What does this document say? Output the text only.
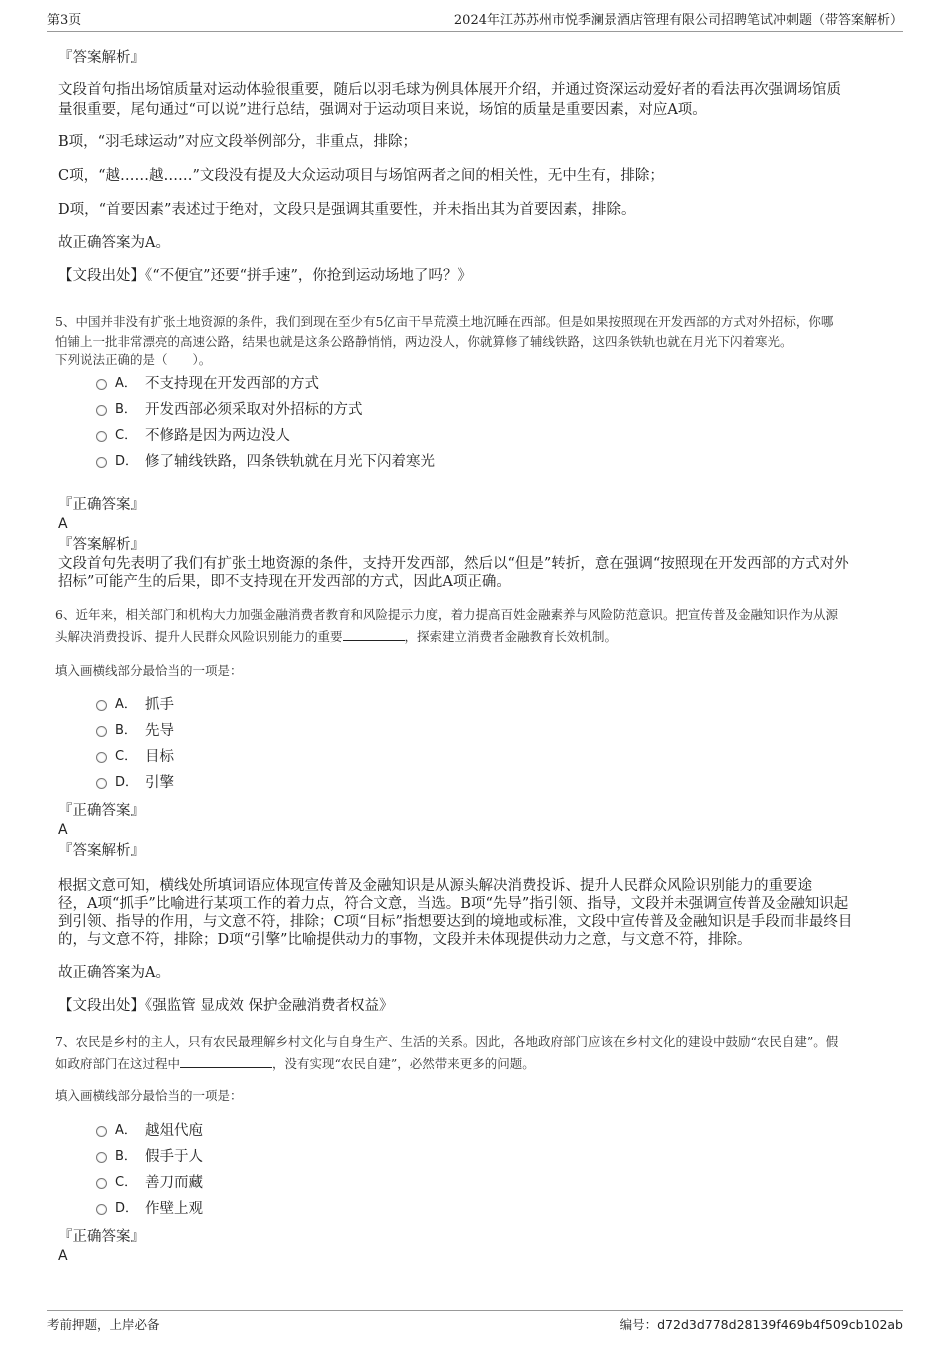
第3页	2024年江苏苏州市悦季澜景酒店管理有限公司招聘笔试冲刺题（带答案解析）
『答案解析』
文段首句指出场馆质量对运动体验很重要，随后以羽毛球为例具体展开介绍，并通过资深运动爱好者的看法再次强调场馆质
量很重要，尾句通过“可以说”进行总结，强调对于运动项目来说，场馆的质量是重要因素，对应A项。
B项，“羽毛球运动”对应文段举例部分，非重点，排除；
C项，“越……越……”文段没有提及大众运动项目与场馆两者之间的相关性，无中生有，排除；
D项，“首要因素”表述过于绝对，文段只是强调其重要性，并未指出其为首要因素，排除。
故正确答案为A。
【文段出处】《“不便宜”还要“拼手速”，你抢到运动场地了吗？》
5、中国并非没有扩张土地资源的条件，我们到现在至少有5亿亩干旱荒漠土地沉睡在西部。但是如果按照现在开发西部的方式对外招标，你哪
怕铺上一批非常漂亮的高速公路，结果也就是这条公路静悄悄，两边没人，你就算修了辅线铁路，这四条铁轨也就在月光下闪着寒光。
下列说法正确的是（　　）。
A． 不支持现在开发西部的方式
B． 开发西部必须采取对外招标的方式
C． 不修路是因为两边没人
D． 修了辅线铁路，四条铁轨就在月光下闪着寒光
『正确答案』
A
『答案解析』
文段首句先表明了我们有扩张土地资源的条件，支持开发西部，然后以“但是”转折，意在强调“按照现在开发西部的方式对外
招标”可能产生的后果，即不支持现在开发西部的方式，因此A项正确。
6、近年来，相关部门和机构大力加强金融消费者教育和风险提示力度，着力提高百姓金融素养与风险防范意识。把宣传普及金融知识作为从源
头解决消费投诉、提升人民群众风险识别能力的重要	，探索建立消费者金融教育长效机制。
填入画横线部分最恰当的一项是：
A． 抓手
B． 先导
C． 目标
D． 引擎
『正确答案』
A
『答案解析』
根据文意可知，横线处所填词语应体现宣传普及金融知识是从源头解决消费投诉、提升人民群众风险识别能力的重要途
径，A项“抓手”比喻进行某项工作的着力点，符合文意，当选。B项“先导”指引领、指导，文段并未强调宣传普及金融知识起
到引领、指导的作用，与文意不符，排除；C项“目标”指想要达到的境地或标准，文段中宣传普及金融知识是手段而非最终目
的，与文意不符，排除；D项“引擎”比喻提供动力的事物，文段并未体现提供动力之意，与文意不符，排除。
故正确答案为A。
【文段出处】《强监管 显成效 保护金融消费者权益》
7、农民是乡村的主人，只有农民最理解乡村文化与自身生产、生活的关系。因此，各地政府部门应该在乡村文化的建设中鼓励“农民自建”。假
如政府部门在这过程中	，没有实现“农民自建”，必然带来更多的问题。
填入画横线部分最恰当的一项是：
A． 越俎代庖
B． 假手于人
C． 善刀而藏
D． 作壁上观
『正确答案』
A
考前押题，上岸必备	编号：d72d3d778d28139f469b4f509cb102ab
